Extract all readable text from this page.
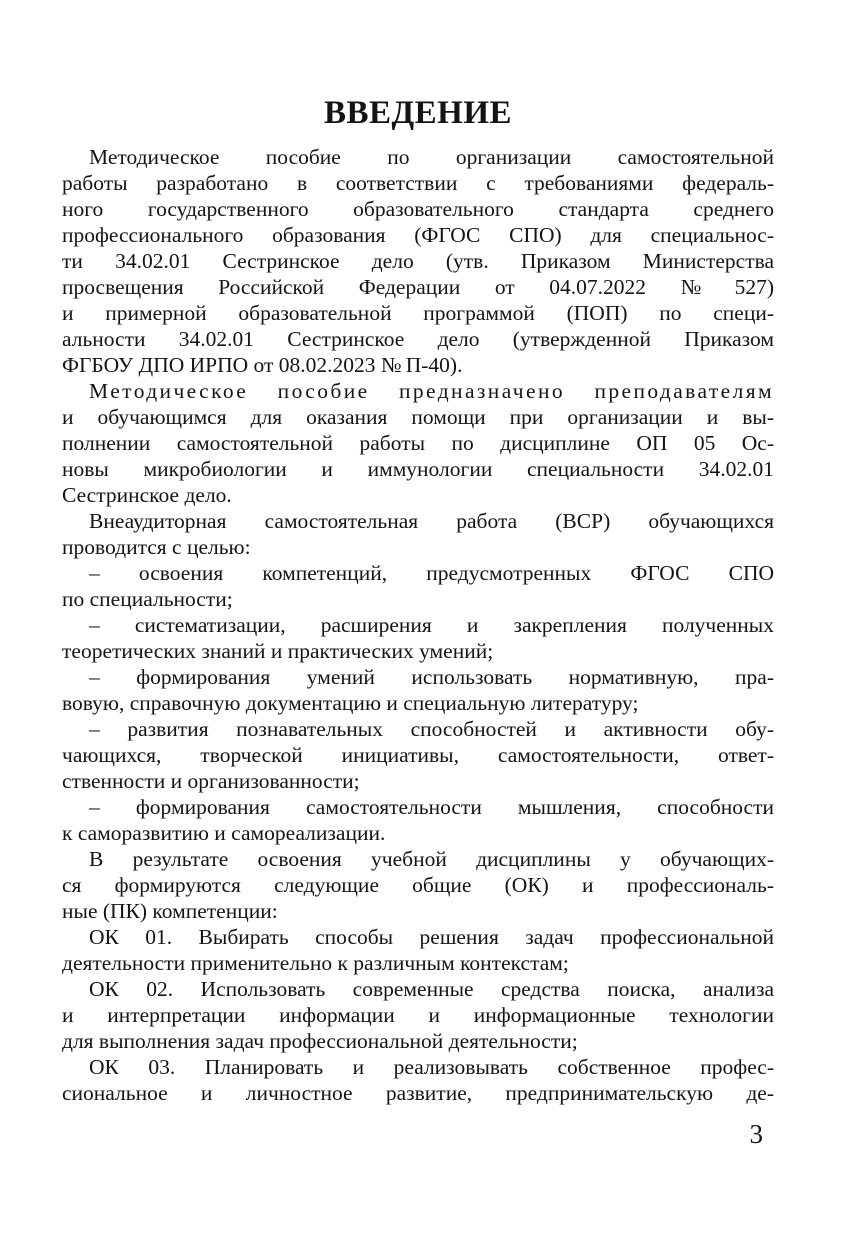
ВВЕДЕНИЕ
Методическое пособие по организации самостоятельной
работы разработано в соответствии с требованиями федераль-
ного государственного образовательного стандарта среднего
профессионального образования (ФГОС СПО) для специальнос-
ти 34.02.01 Сестринское дело (утв. Приказом Министерства
просвещения Российской Федерации от 04.07.2022 № 527)
и примерной образовательной программой (ПОП) по специ-
альности 34.02.01 Сестринское дело (утвержденной Приказом
ФГБОУ ДПО ИРПО от 08.02.2023 № П-40).
Методическое пособие предназначено преподавателям
и обучающимся для оказания помощи при организации и вы-
полнении самостоятельной работы по дисциплине ОП 05 Ос-
новы микробиологии и иммунологии специальности 34.02.01
Сестринское дело.
Внеаудиторная самостоятельная работа (ВСР) обучающихся
проводится с целью:
– освоения компетенций, предусмотренных ФГОС СПО
по специальности;
– систематизации, расширения и закрепления полученных
теоретических знаний и практических умений;
– формирования умений использовать нормативную, пра-
вовую, справочную документацию и специальную литературу;
– развития познавательных способностей и активности обу-
чающихся, творческой инициативы, самостоятельности, ответ-
ственности и организованности;
– формирования самостоятельности мышления, способности
к саморазвитию и самореализации.
В результате освоения учебной дисциплины у обучающих-
ся формируются следующие общие (ОК) и профессиональ-
ные (ПК) компетенции:
ОК 01. Выбирать способы решения задач профессиональной
деятельности применительно к различным контекстам;
ОК 02. Использовать современные средства поиска, анализа
и интерпретации информации и информационные технологии
для выполнения задач профессиональной деятельности;
ОК 03. Планировать и реализовывать собственное профес-
сиональное и личностное развитие, предпринимательскую де-
3
